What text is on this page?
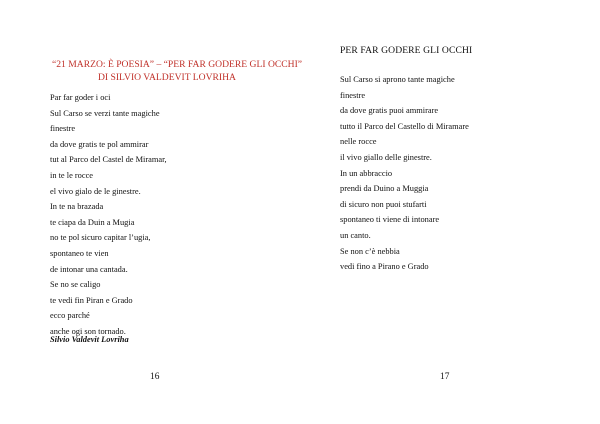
“21 MARZO: È POESIA” – “PER FAR GODERE GLI OCCHI”
DI SILVIO VALDEVIT LOVRIHA
Par far goder i oci
Sul Carso se verzi tante magiche
finestre
da dove gratis te pol ammirar
tut al Parco del Castel de Miramar,
in te le rocce
el vivo gialo de le ginestre.
In te na brazada
te ciapa da Duin a Mugia
no te pol sicuro capitar l’ugia,
spontaneo te vien
de intonar una cantada.
Se no se caligo
te vedi fin Piran e Grado
ecco parché
anche ogi son tornado.
Silvio Valdevit Lovriha
16
PER FAR GODERE GLI OCCHI
Sul Carso si aprono tante magiche
finestre
da dove gratis puoi ammirare
tutto il Parco del Castello di Miramare
nelle rocce
il vivo giallo delle ginestre.
In un abbraccio
prendi da Duino a Muggia
di sicuro non puoi stufarti
spontaneo ti viene di intonare
un canto.
Se non c’è nebbia
vedi fino a Pirano e Grado
17
